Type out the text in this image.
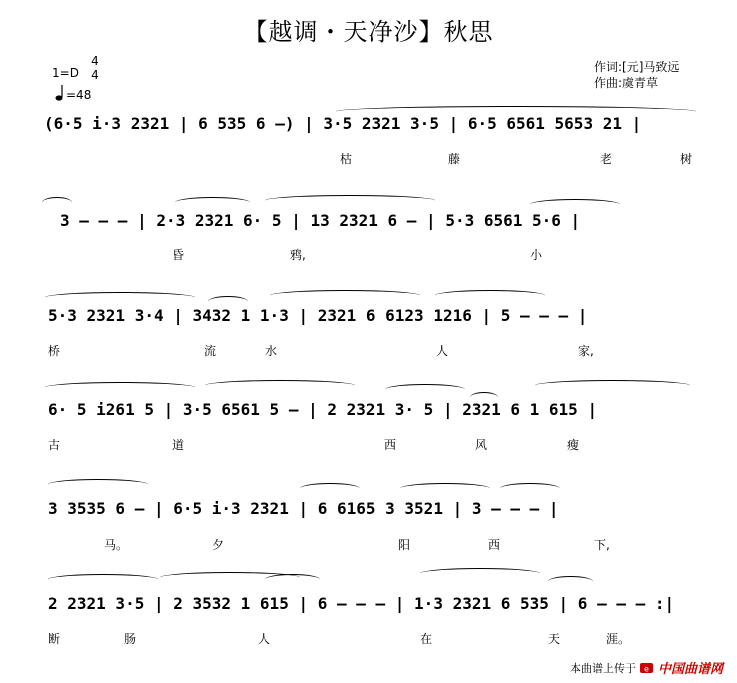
【越调・天净沙】秋思
1=D
4
4
=48
作词:[元]马致远
作曲:虞青草
(6·5 i·3 2321 | 6 535 6 –) | 3·5 2321 3·5 | 6·5 6561 5653 21 |
3 – – – | 2·3 2321 6· 5 | 13 2321 6 – | 5·3 6561 5·6 |
5·3 2321 3·4 | 3432 1 1·3 | 2321 6 6123 1216 | 5 – – – |
6· 5 i261 5 | 3·5 6561 5 – | 2 2321 3· 5 | 2321 6 1 615 |
3 3535 6 – | 6·5 i·3 2321 | 6 6165 3 3521 | 3 – – – |
2 2321 3·5 | 2 3532 1 615 | 6 – – – | 1·3 2321 6 535 | 6 – – – :|
枯	藤	老	树
昏	鸦,	小
桥	流	水	人	家,
古	道	西	风	瘦
马。	夕	阳	西	下,
断	肠	人	在	天	涯。
本曲谱上传于 e 中国曲谱网
